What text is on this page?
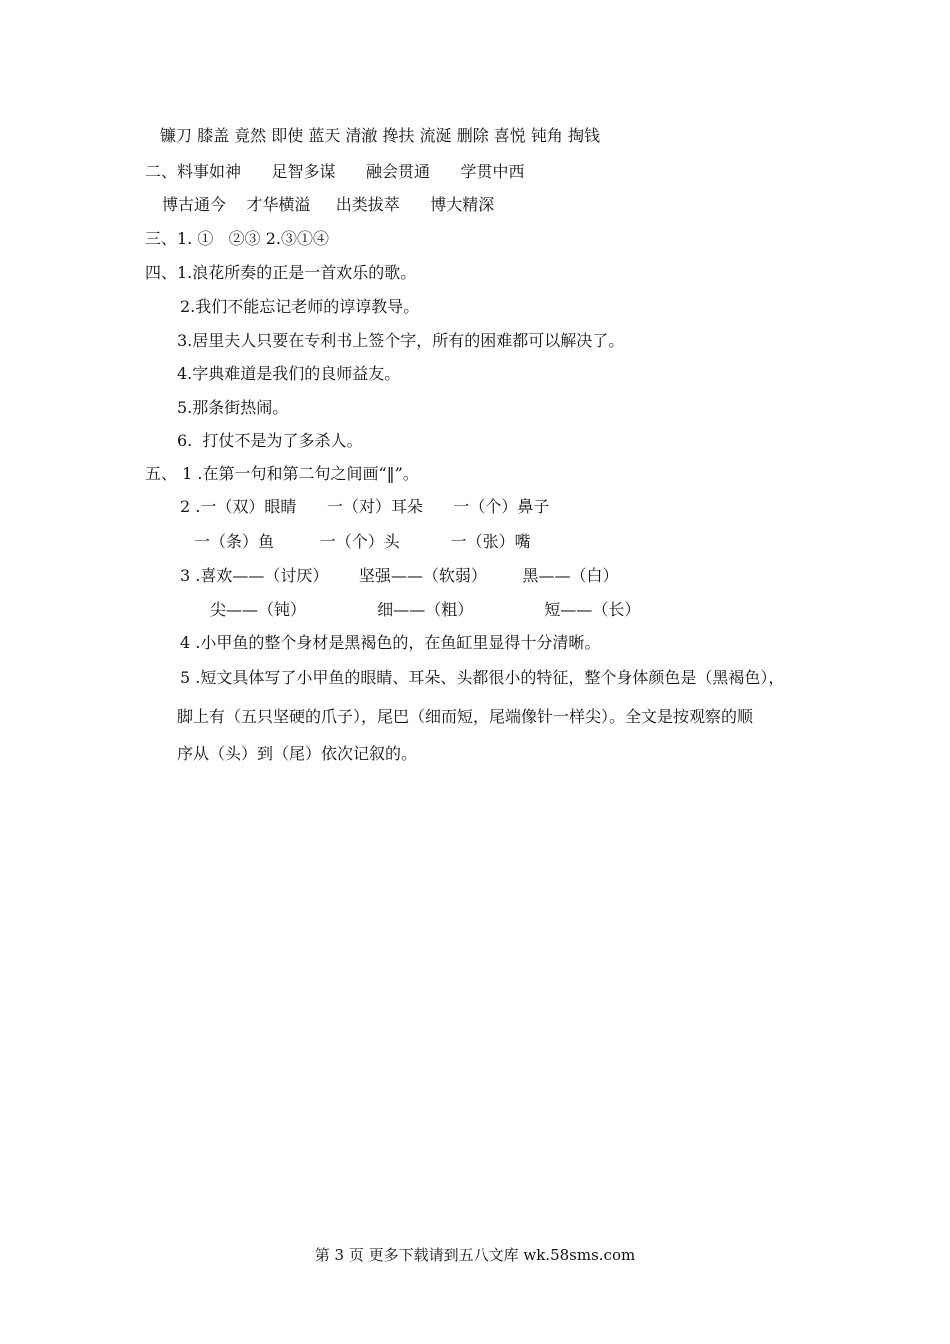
镰刀 膝盖 竟然 即使 蓝天 清澈 搀扶 流涎 删除 喜悦 钝角 掏钱
二、料事如神      足智多谋      融会贯通      学贯中西
博古通今    才华横溢     出类拔萃      博大精深
三、1. ①   ②③ 2.③①④
四、1.浪花所奏的正是一首欢乐的歌。
2.我们不能忘记老师的谆谆教导。
3.居里夫人只要在专利书上签个字，所有的困难都可以解决了。
4.字典难道是我们的良师益友。
5.那条街热闹。
6.  打仗不是为了多杀人。
五、 1 .在第一句和第二句之间画“‖”。
2 .一（双）眼睛      一（对）耳朵      一（个）鼻子
一（条）鱼         一（个）头          一（张）嘴
3 .喜欢——（讨厌）      坚强——（软弱）       黑——（白）
尖——（钝）              细——（粗）              短——（长）
4 .小甲鱼的整个身材是黑褐色的，在鱼缸里显得十分清晰。
5 .短文具体写了小甲鱼的眼睛、耳朵、头都很小的特征，整个身体颜色是（黑褐色），
脚上有（五只坚硬的爪子），尾巴（细而短，尾端像针一样尖）。全文是按观察的顺
序从（头）到（尾）依次记叙的。
第 3 页 更多下载请到五八文库 wk.58sms.com
